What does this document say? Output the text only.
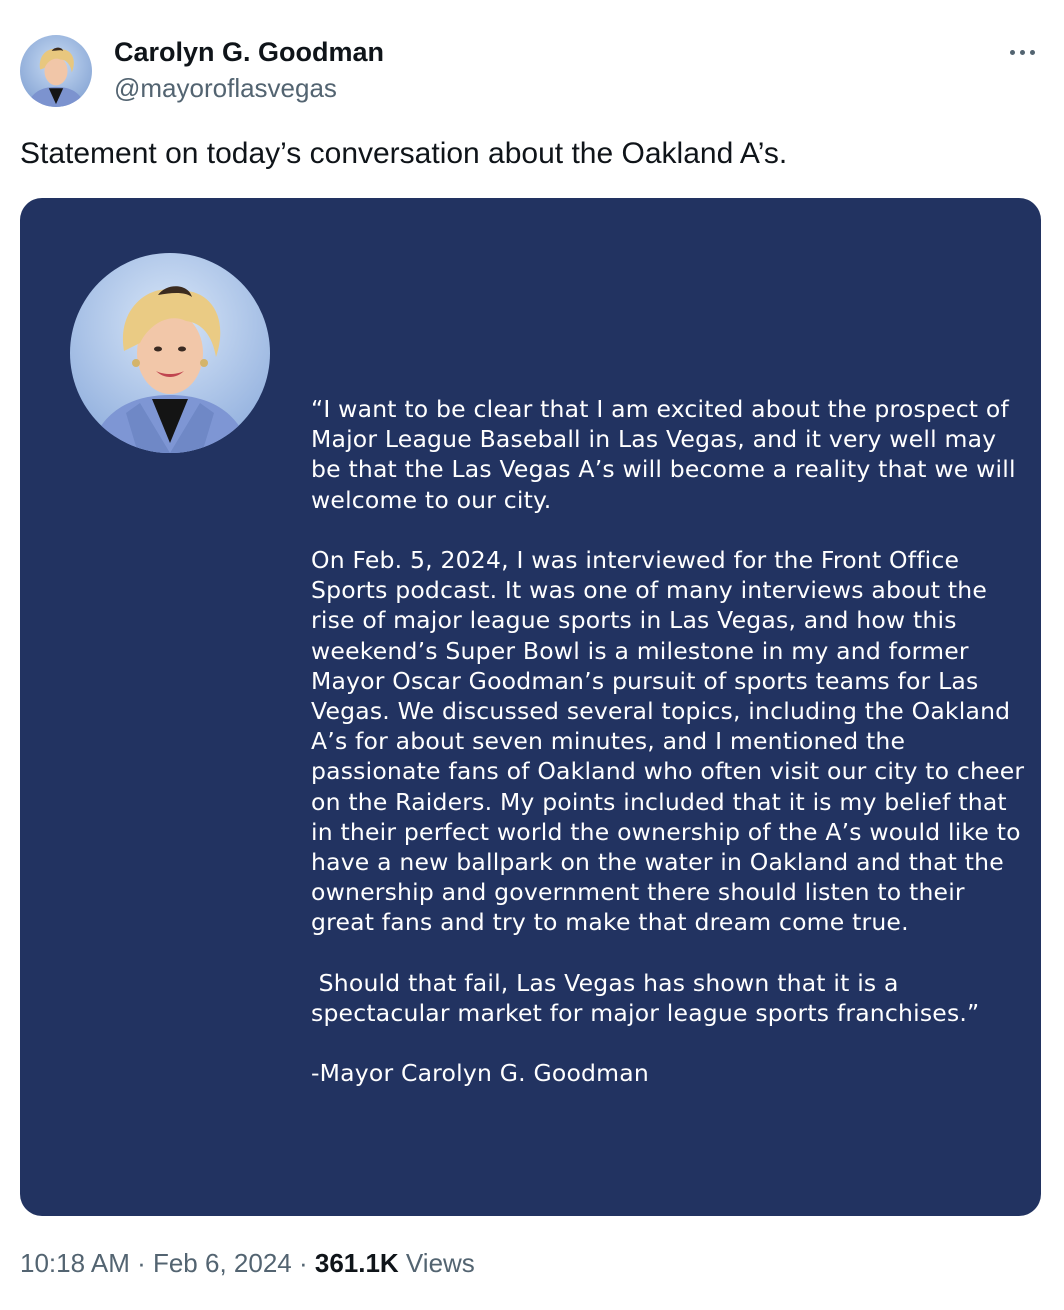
Carolyn G. Goodman
@mayoroflasvegas
Statement on today’s conversation about the Oakland A’s.

“I want to be clear that I am excited about the prospect of Major League Baseball in Las Vegas, and it very well may be that the Las Vegas A’s will become a reality that we will welcome to our city.

On Feb. 5, 2024, I was interviewed for the Front Office Sports podcast. It was one of many interviews about the rise of major league sports in Las Vegas, and how this weekend’s Super Bowl is a milestone in my and former Mayor Oscar Goodman’s pursuit of sports teams for Las Vegas. We discussed several topics, including the Oakland A’s for about seven minutes, and I mentioned the passionate fans of Oakland who often visit our city to cheer on the Raiders. My points included that it is my belief that in their perfect world the ownership of the A’s would like to have a new ballpark on the water in Oakland and that the ownership and government there should listen to their great fans and try to make that dream come true.

Should that fail, Las Vegas has shown that it is a spectacular market for major league sports franchises.”

-Mayor Carolyn G. Goodman

10:18 AM · Feb 6, 2024 · 361.1K Views
